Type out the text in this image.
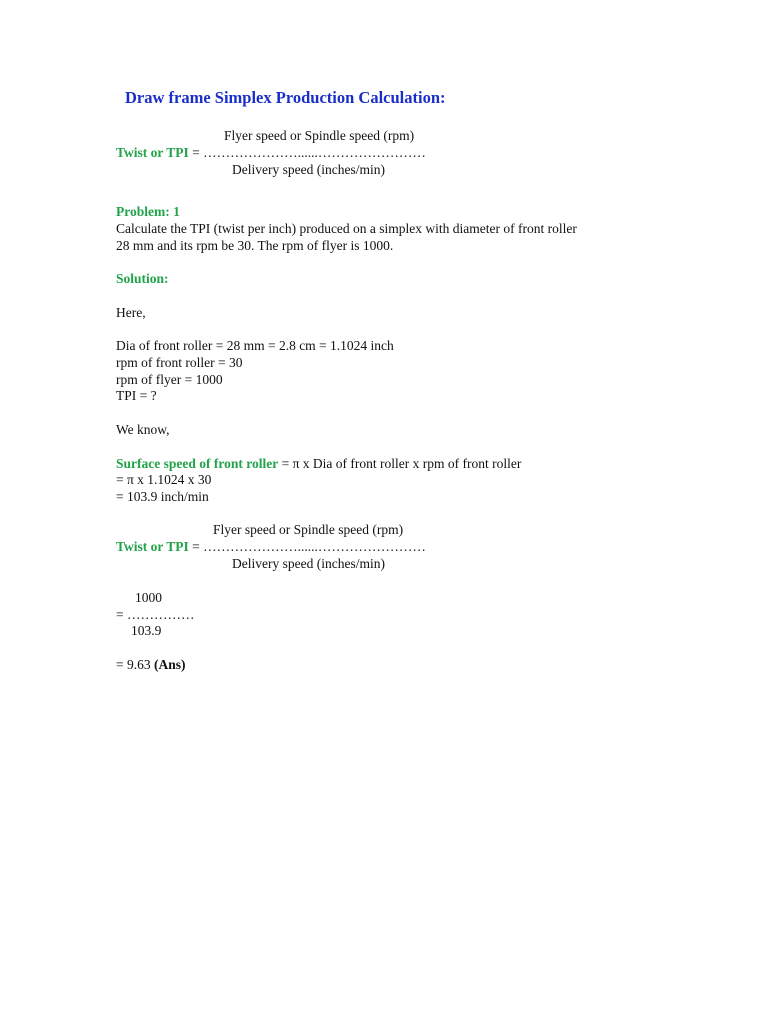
Draw frame Simplex Production Calculation:
Flyer speed or Spindle speed (rpm)
Twist or TPI = …………………......……………………
Delivery speed (inches/min)
Problem: 1
Calculate the TPI (twist per inch) produced on a simplex with diameter of front roller
28 mm and its rpm be 30. The rpm of flyer is 1000.
Solution:
Here,
Dia of front roller = 28 mm = 2.8 cm = 1.1024 inch
rpm of front roller = 30
rpm of flyer = 1000
TPI = ?
We know,
Surface speed of front roller = π x Dia of front roller x rpm of front roller
= π x 1.1024 x 30
= 103.9 inch/min
Flyer speed or Spindle speed (rpm)
Twist or TPI = …………………......……………………
Delivery speed (inches/min)
1000
= ……………
103.9
= 9.63 (Ans)
